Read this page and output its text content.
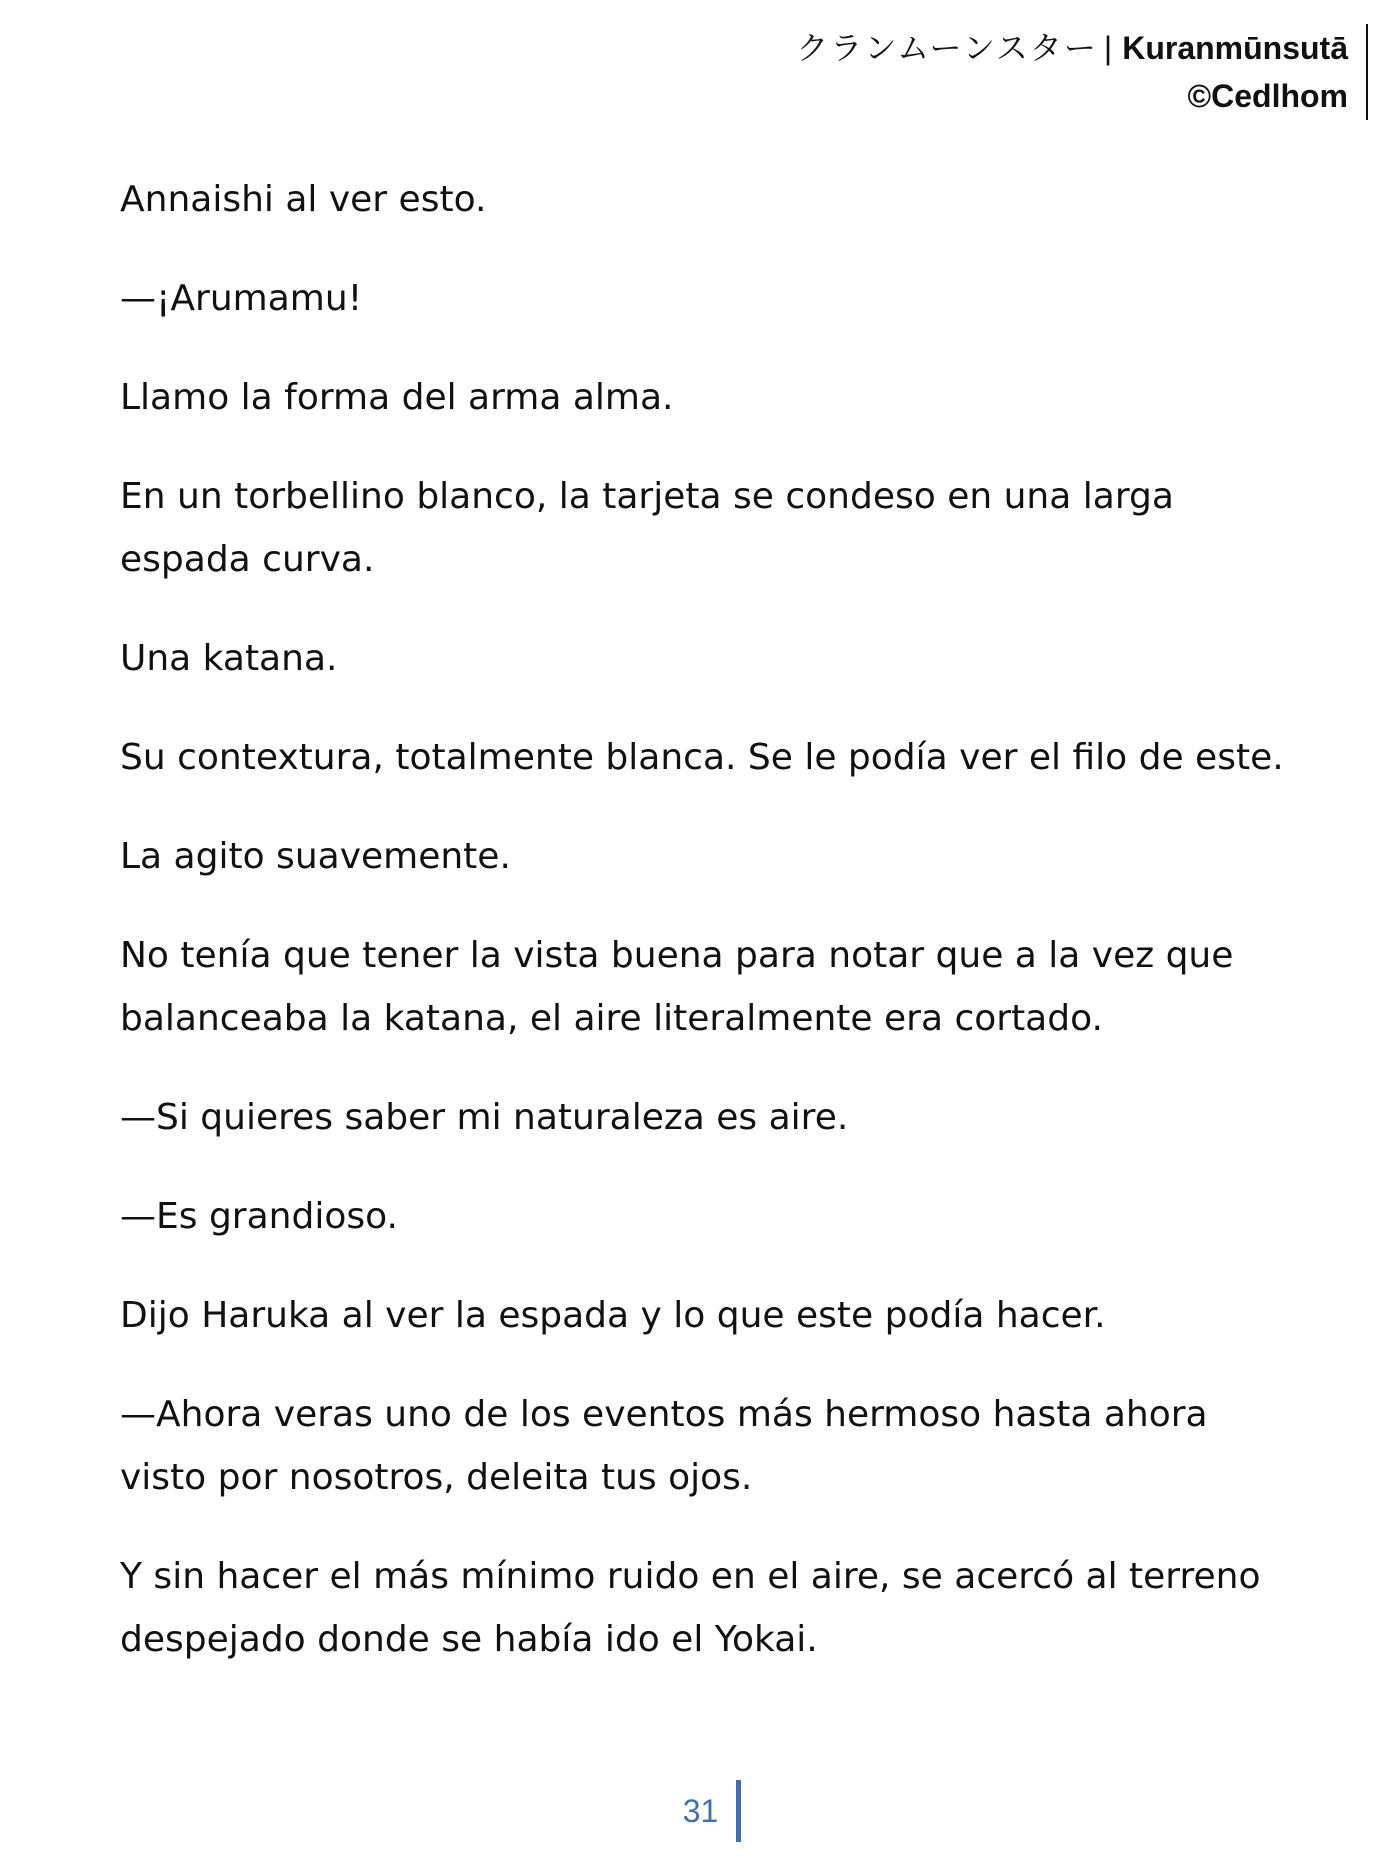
クランムーンスター | Kuranmūnsutā
©Cedlhom

Annaishi al ver esto.

—¡Arumamu!

Llamo la forma del arma alma.

En un torbellino blanco, la tarjeta se condeso en una larga espada curva.

Una katana.

Su contextura, totalmente blanca. Se le podía ver el filo de este.

La agito suavemente.

No tenía que tener la vista buena para notar que a la vez que balanceaba la katana, el aire literalmente era cortado.

—Si quieres saber mi naturaleza es aire.

—Es grandioso.

Dijo Haruka al ver la espada y lo que este podía hacer.

—Ahora veras uno de los eventos más hermoso hasta ahora visto por nosotros, deleita tus ojos.

Y sin hacer el más mínimo ruido en el aire, se acercó al terreno despejado donde se había ido el Yokai.

31
